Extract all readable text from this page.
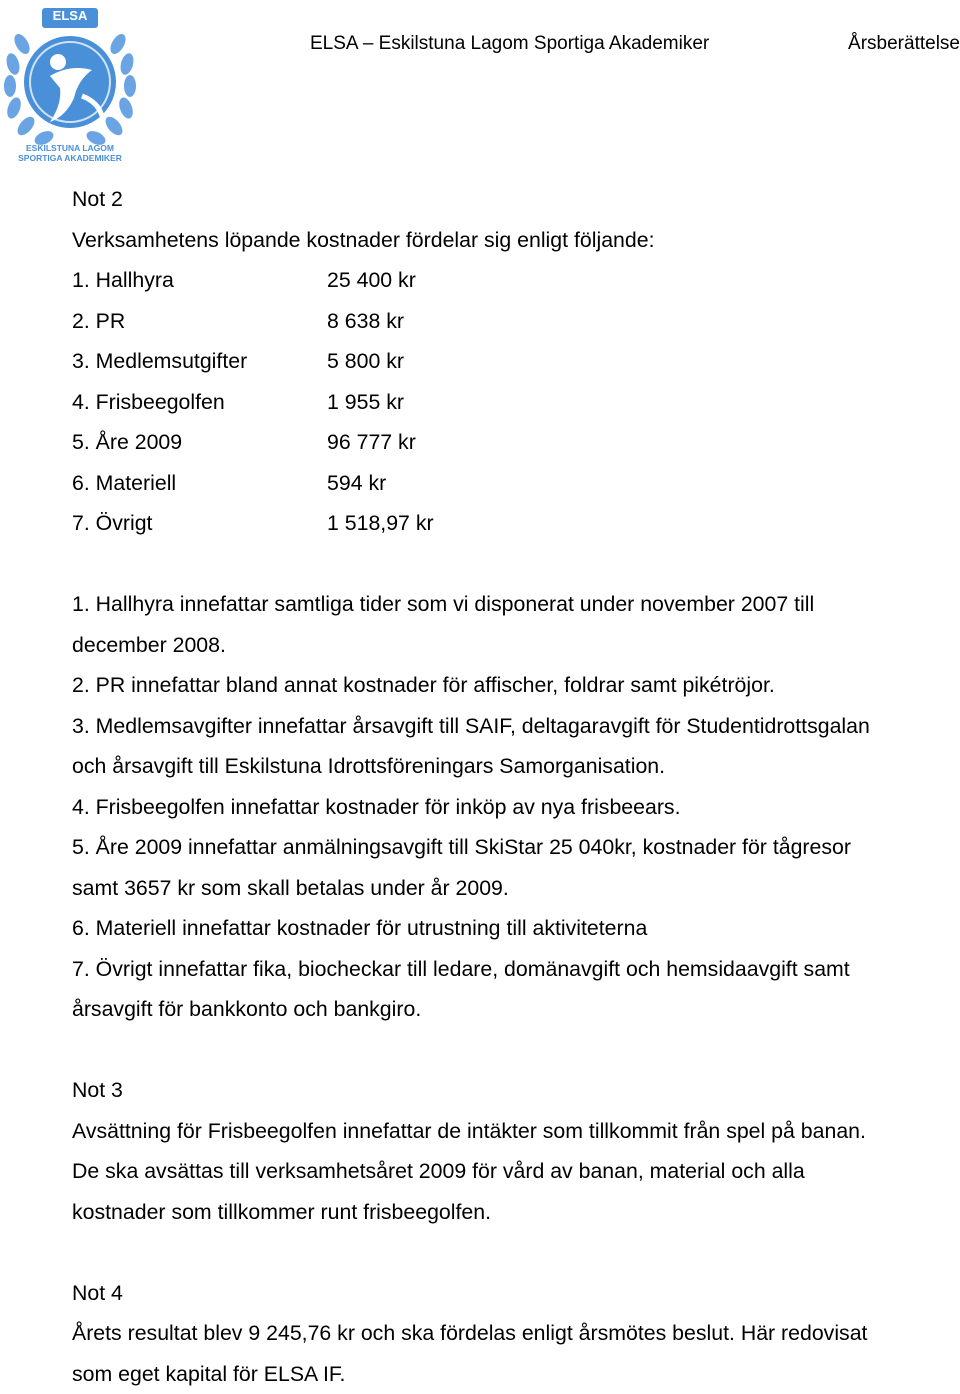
ELSA
ESKILSTUNA LAGOM
SPORTIGA AKADEMIKER
ELSA – Eskilstuna Lagom Sportiga Akademiker	Årsberättelse

Not 2

Verksamhetens löpande kostnader fördelar sig enligt följande:

1. Hallhyra	25 400 kr
2. PR	8 638 kr
3. Medlemsutgifter	5 800 kr
4. Frisbeegolfen	1 955 kr
5. Åre 2009	96 777 kr
6. Materiell	594 kr
7. Övrigt	1 518,97 kr

1. Hallhyra innefattar samtliga tider som vi disponerat under november 2007 till

december 2008.

2. PR innefattar bland annat kostnader för affischer, foldrar samt pikétröjor.

3. Medlemsavgifter innefattar årsavgift till SAIF, deltagaravgift för Studentidrottsgalan

och årsavgift till Eskilstuna Idrottsföreningars Samorganisation.

4. Frisbeegolfen innefattar kostnader för inköp av nya frisbeears.

5. Åre 2009 innefattar anmälningsavgift till SkiStar 25 040kr, kostnader för tågresor

samt 3657 kr som skall betalas under år 2009.

6. Materiell innefattar kostnader för utrustning till aktiviteterna

7. Övrigt innefattar fika, biocheckar till ledare, domänavgift och hemsidaavgift samt

årsavgift för bankkonto och bankgiro.

Not 3

Avsättning för Frisbeegolfen innefattar de intäkter som tillkommit från spel på banan.

De ska avsättas till verksamhetsåret 2009 för vård av banan, material och alla

kostnader som tillkommer runt frisbeegolfen.

Not 4

Årets resultat blev 9 245,76 kr och ska fördelas enligt årsmötes beslut. Här redovisat

som eget kapital för ELSA IF.
